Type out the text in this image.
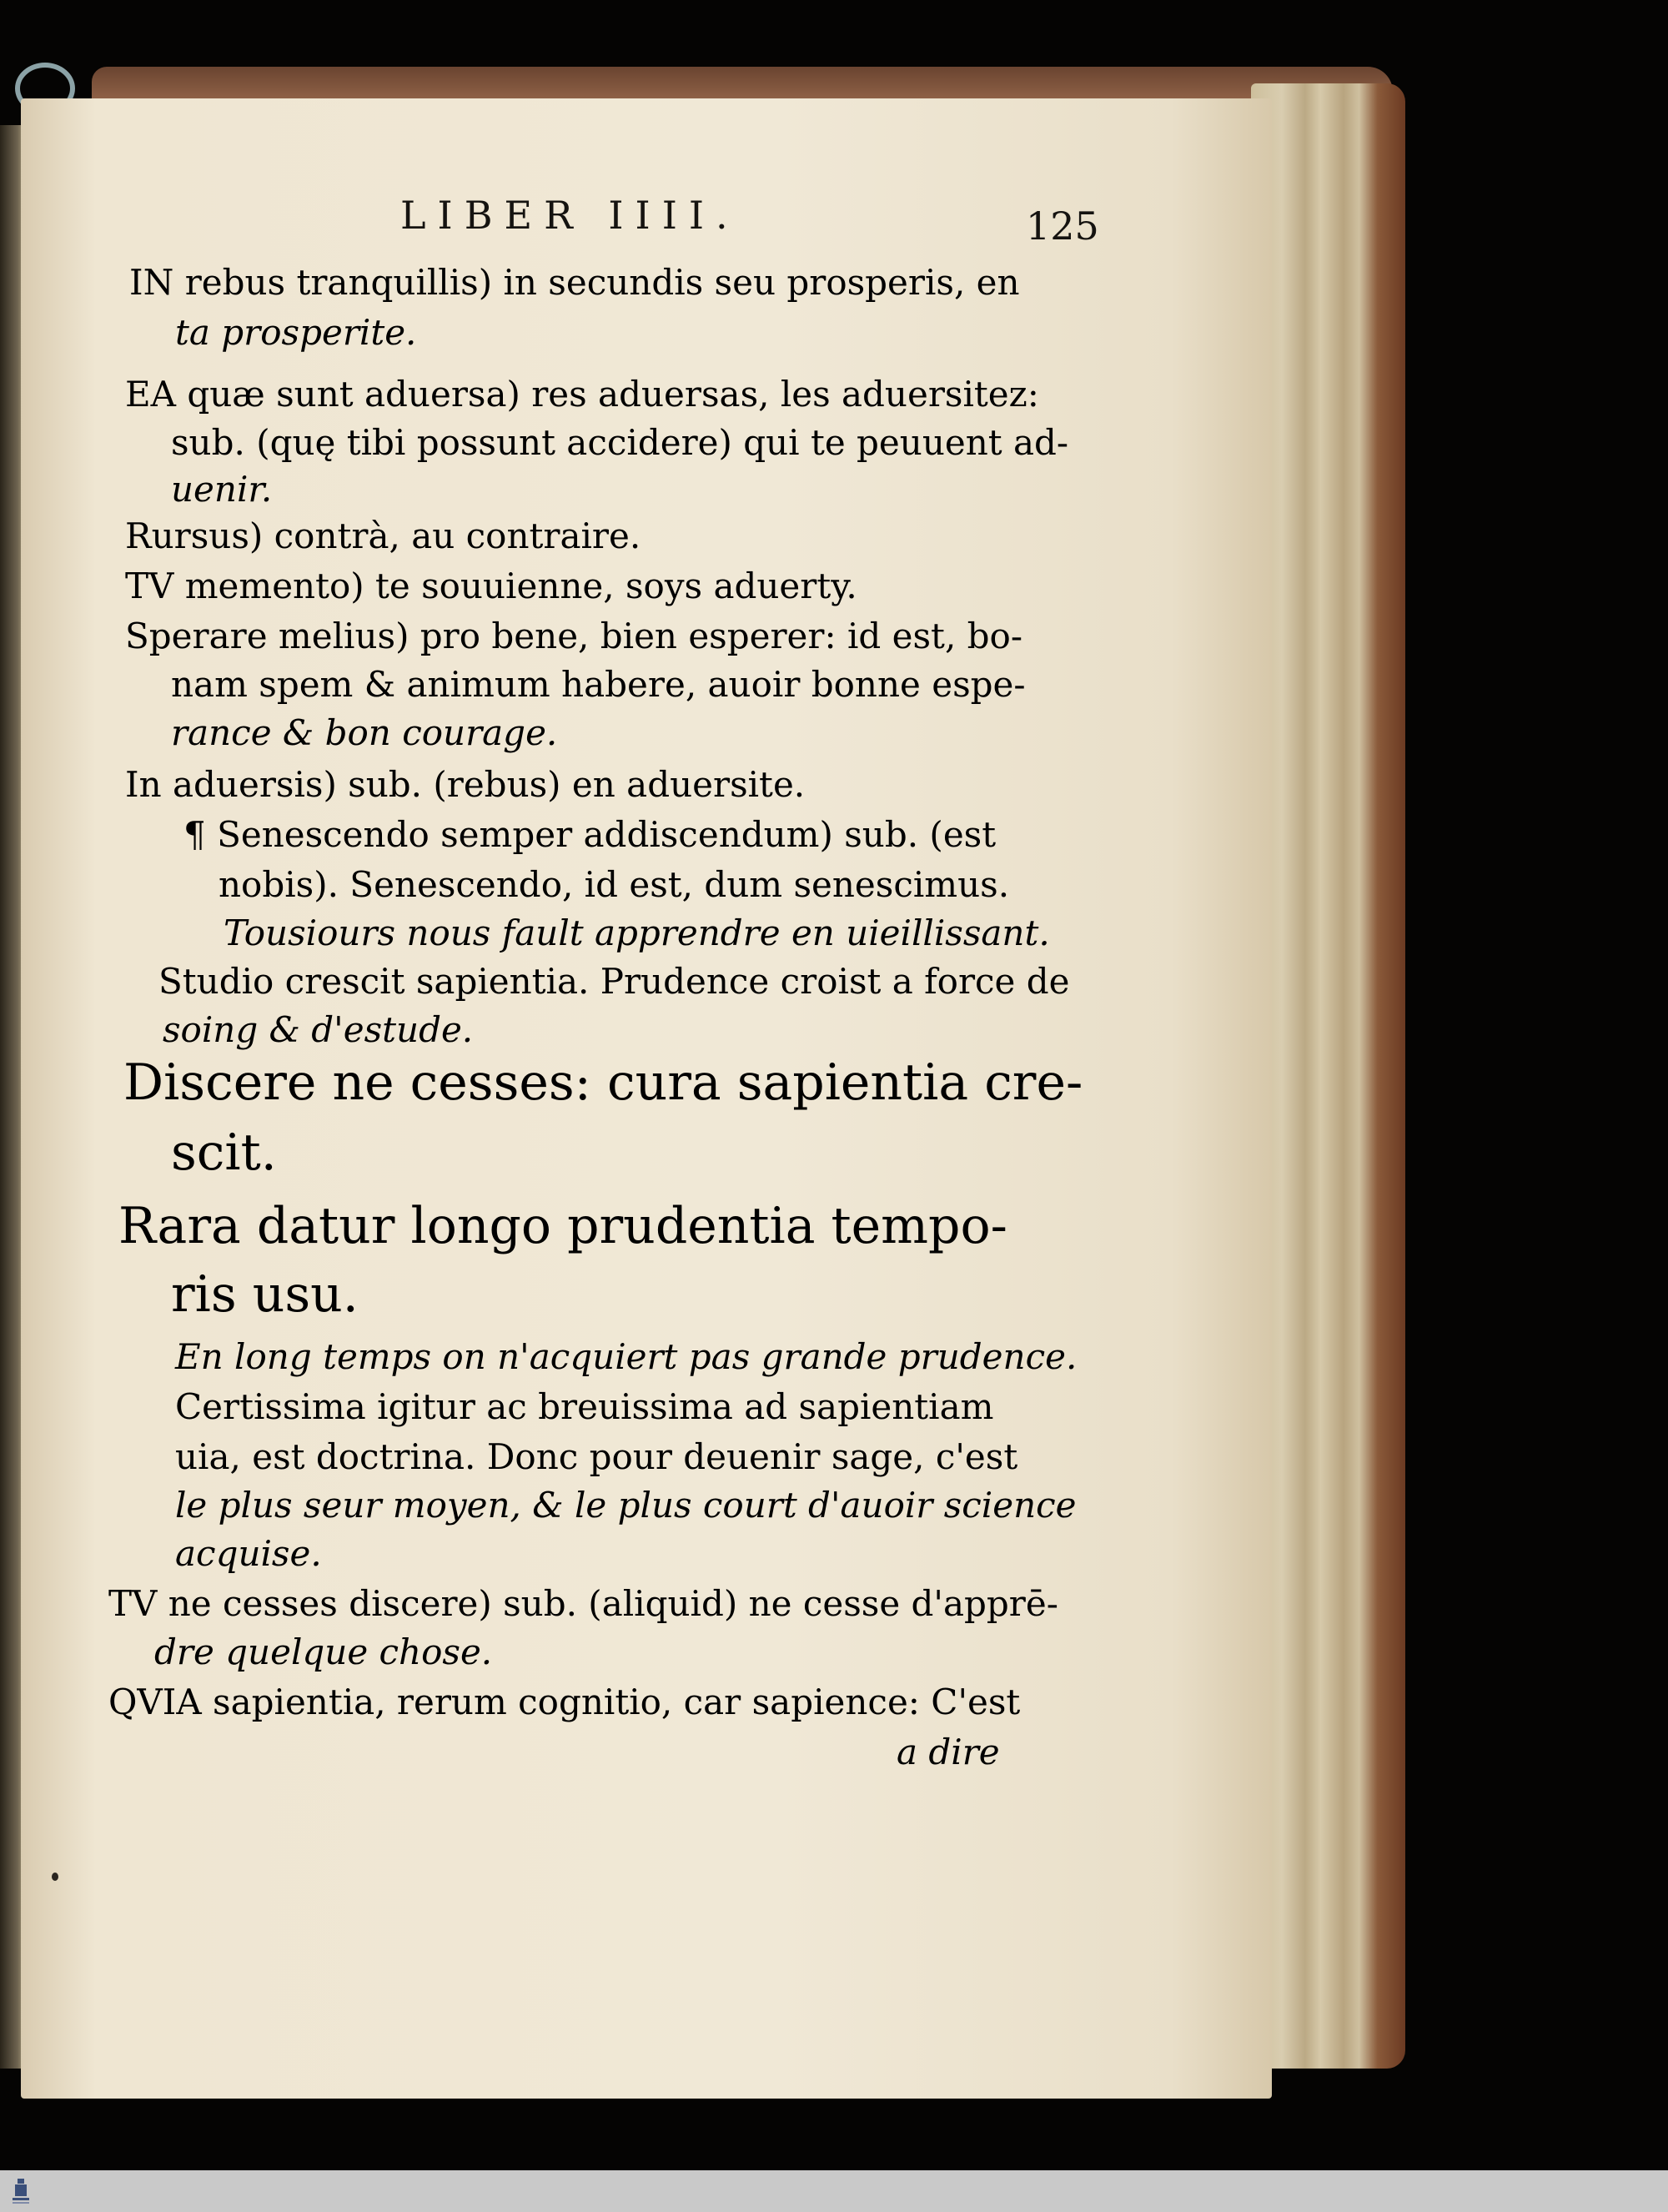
LIBER IIII.	125
IN rebus tranquillis) in secundis seu prosperis, en
ta prosperite.
EA quæ sunt aduersa) res aduersas, les aduersitez:
sub. (quę tibi possunt accidere) qui te peuuent ad-
uenir.
Rursus) contrà, au contraire.
TV memento) te souuienne, soys aduerty.
Sperare melius) pro bene, bien esperer: id est, bo-
nam spem & animum habere, auoir bonne espe-
rance & bon courage.
In aduersis) sub. (rebus) en aduersite.
¶ Senescendo semper addiscendum) sub. (est
nobis). Senescendo, id est, dum senescimus.
Tousiours nous fault apprendre en uieillissant.
Studio crescit sapientia. Prudence croist a force de
soing & d'estude.
Discere ne cesses: cura sapientia cre-
scit.
Rara datur longo prudentia tempo-
ris usu.
En long temps on n'acquiert pas grande prudence.
Certissima igitur ac breuissima ad sapientiam
uia, est doctrina. Donc pour deuenir sage, c'est
le plus seur moyen, & le plus court d'auoir science
acquise.
TV ne cesses discere) sub. (aliquid) ne cesse d'apprē-
dre quelque chose.
QVIA sapientia, rerum cognitio, car sapience: C'est
a dire
